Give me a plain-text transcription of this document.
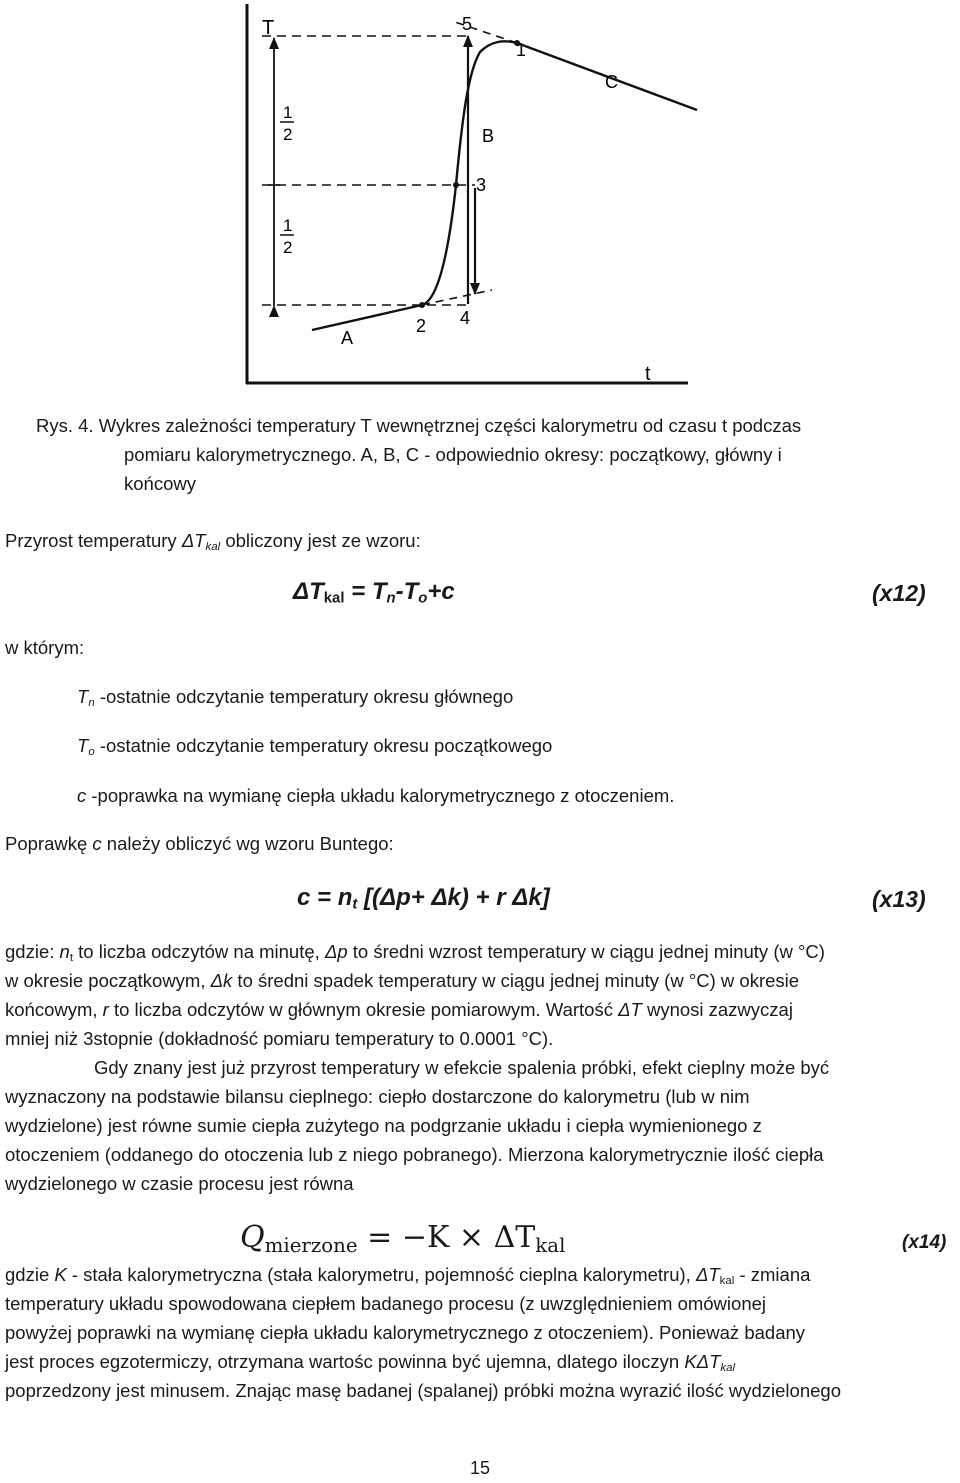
T
t
1
2
1
2
5
1
3
2 4
A
B
C
Rys. 4. Wykres zależności temperatury T wewnętrznej części kalorymetru od czasu t podczas
pomiaru kalorymetrycznego. A, B, C - odpowiednio okresy: początkowy, główny i
końcowy
Przyrost temperatury $\Delta T_{kal}$ obliczony jest ze wzoru:
$\Delta T_{kal} = T_n-T_o+c$	(x12)
w którym:
$T_n$ -ostatnie odczytanie temperatury okresu głównego
$T_o$ -ostatnie odczytanie temperatury okresu początkowego
c -poprawka na wymianę ciepła układu kalorymetrycznego z otoczeniem.
Poprawkę c należy obliczyć wg wzoru Buntego:
$c = n_t$ [(Δp+ Δk) + r Δk]	(x13)
gdzie: $n_t$ to liczba odczytów na minutę, Δp to średni wzrost temperatury w ciągu jednej minuty (w °C)
w okresie początkowym, Δk to średni spadek temperatury w ciągu jednej minuty (w °C) w okresie
końcowym, r to liczba odczytów w głównym okresie pomiarowym. Wartość ΔT wynosi zazwyczaj
mniej niż 3stopnie (dokładność pomiaru temperatury to 0.0001 °C).
Gdy znany jest już przyrost temperatury w efekcie spalenia próbki, efekt cieplny może być
wyznaczony na podstawie bilansu cieplnego: ciepło dostarczone do kalorymetru (lub w nim
wydzielone) jest równe sumie ciepła zużytego na podgrzanie układu i ciepła wymienionego z
otoczeniem (oddanego do otoczenia lub z niego pobranego). Mierzona kalorymetrycznie ilość ciepła
wydzielonego w czasie procesu jest równa
$Q_{mierzone} = -K \times \Delta T_{kal}$	(x14)
gdzie K - stała kalorymetryczna (stała kalorymetru, pojemność cieplna kalorymetru), $\Delta T_{kal}$ - zmiana
temperatury układu spowodowana ciepłem badanego procesu (z uwzględnieniem omówionej
powyżej poprawki na wymianę ciepła układu kalorymetrycznego z otoczeniem). Ponieważ badany
jest proces egzotermiczy, otrzymana wartośc powinna być ujemna, dlatego iloczyn $K\Delta T_{kal}$
poprzedzony jest minusem. Znając masę badanej (spalanej) próbki można wyrazić ilość wydzielonego
15
